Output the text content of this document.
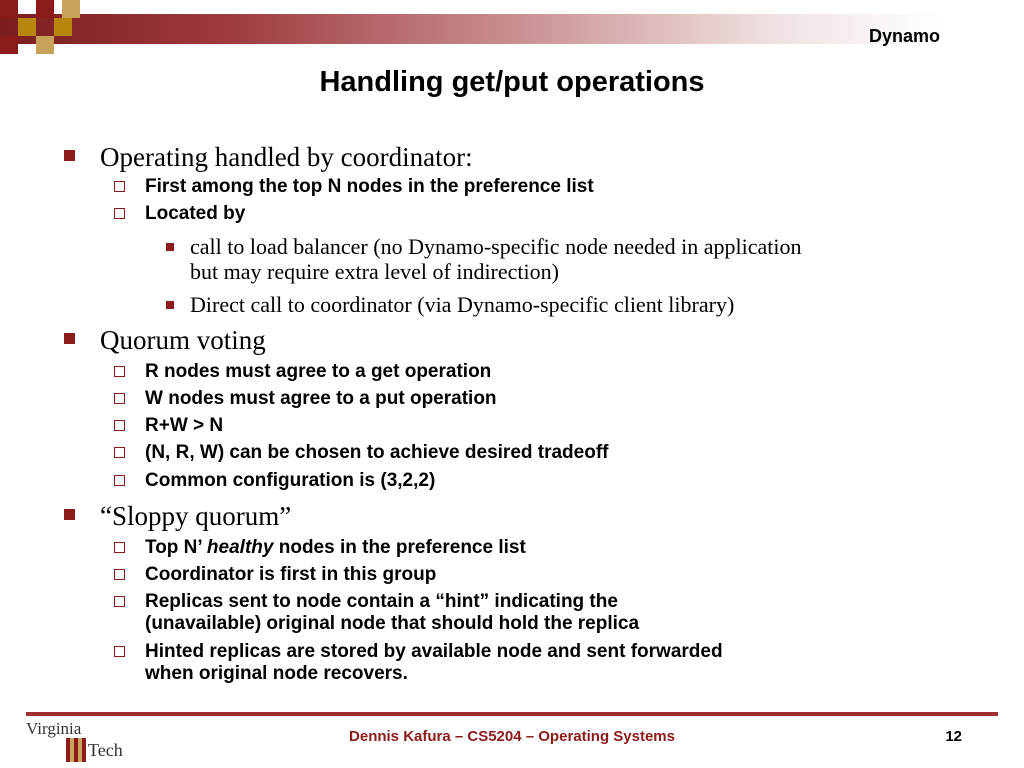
Dynamo
Handling get/put operations
Operating handled by coordinator:
First among the top N nodes in the preference list
Located by
call to load balancer (no Dynamo-specific node needed in application
but may require extra level of indirection)
Direct call to coordinator (via Dynamo-specific client library)
Quorum voting
R nodes must agree to a get operation
W nodes must agree to a put operation
R+W > N
(N, R, W) can be chosen to achieve desired tradeoff
Common configuration is (3,2,2)
“Sloppy quorum”
Top N’ healthy nodes in the preference list
Coordinator is first in this group
Replicas sent to node contain a “hint” indicating the
(unavailable) original node that should hold the replica
Hinted replicas are stored by available node and sent forwarded
when original node recovers.
Virginia
Tech
Dennis Kafura – CS5204 – Operating Systems	12
